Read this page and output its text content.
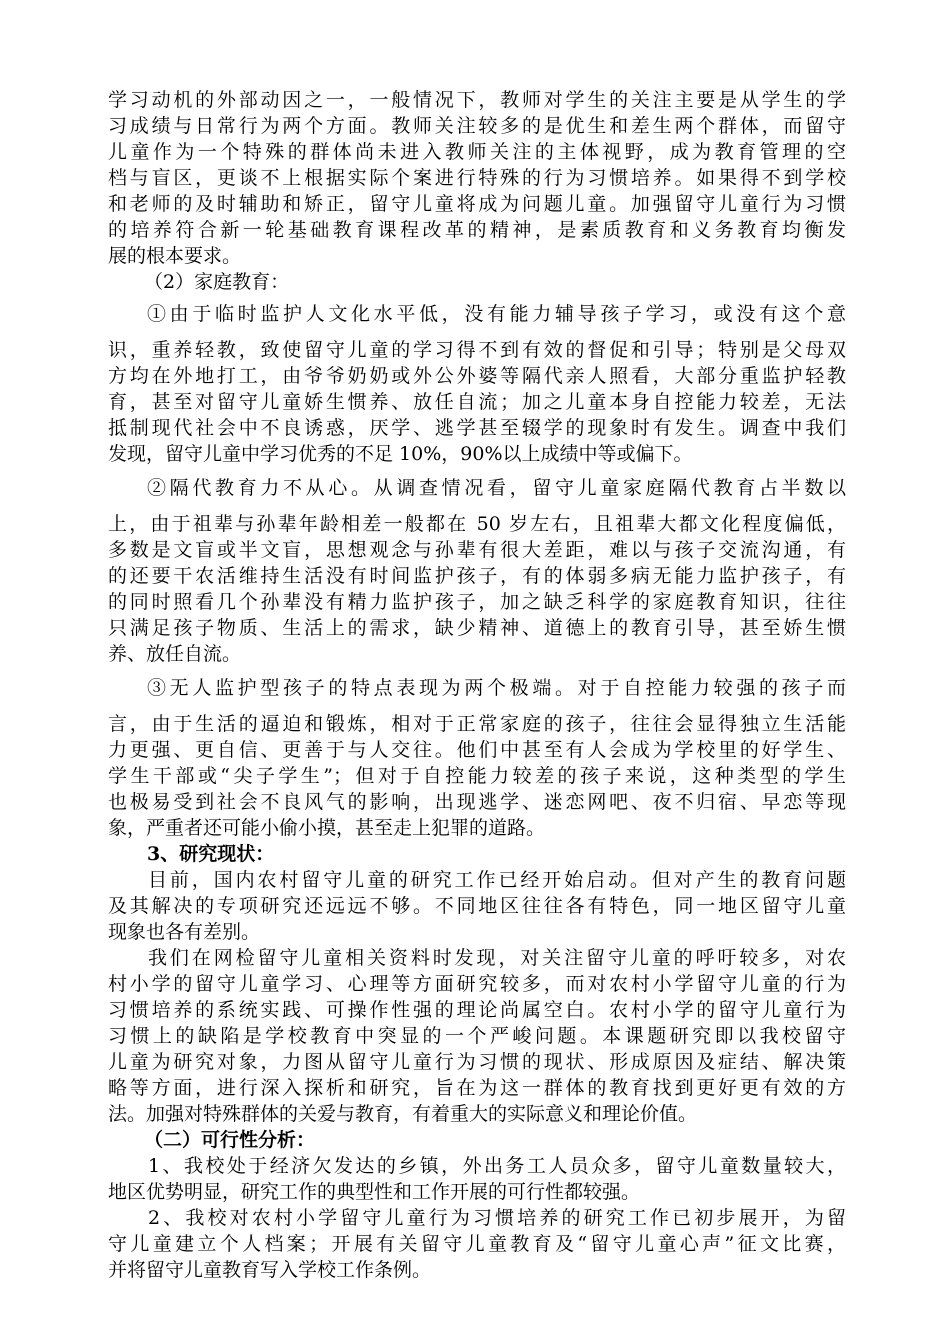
学习动机的外部动因之一，一般情况下，教师对学生的关注主要是从学生的学
习成绩与日常行为两个方面。教师关注较多的是优生和差生两个群体，而留守
儿童作为一个特殊的群体尚未进入教师关注的主体视野，成为教育管理的空
档与盲区，更谈不上根据实际个案进行特殊的行为习惯培养。如果得不到学校
和老师的及时辅助和矫正，留守儿童将成为问题儿童。加强留守儿童行为习惯
的培养符合新一轮基础教育课程改革的精神，是素质教育和义务教育均衡发
展的根本要求。
（2）家庭教育：
①由于临时监护人文化水平低，没有能力辅导孩子学习，或没有这个意
识，重养轻教，致使留守儿童的学习得不到有效的督促和引导；特别是父母双
方均在外地打工，由爷爷奶奶或外公外婆等隔代亲人照看，大部分重监护轻教
育，甚至对留守儿童娇生惯养、放任自流；加之儿童本身自控能力较差，无法
抵制现代社会中不良诱惑，厌学、逃学甚至辍学的现象时有发生。调查中我们
发现，留守儿童中学习优秀的不足 10%，90%以上成绩中等或偏下。
②隔代教育力不从心。从调查情况看，留守儿童家庭隔代教育占半数以
上，由于祖辈与孙辈年龄相差一般都在 50 岁左右，且祖辈大都文化程度偏低，
多数是文盲或半文盲，思想观念与孙辈有很大差距，难以与孩子交流沟通，有
的还要干农活维持生活没有时间监护孩子，有的体弱多病无能力监护孩子，有
的同时照看几个孙辈没有精力监护孩子，加之缺乏科学的家庭教育知识，往往
只满足孩子物质、生活上的需求，缺少精神、道德上的教育引导，甚至娇生惯
养、放任自流。
③无人监护型孩子的特点表现为两个极端。对于自控能力较强的孩子而
言，由于生活的逼迫和锻炼，相对于正常家庭的孩子，往往会显得独立生活能
力更强、更自信、更善于与人交往。他们中甚至有人会成为学校里的好学生、
学生干部或“尖子学生”；但对于自控能力较差的孩子来说，这种类型的学生
也极易受到社会不良风气的影响，出现逃学、迷恋网吧、夜不归宿、早恋等现
象，严重者还可能小偷小摸，甚至走上犯罪的道路。
3、研究现状：
目前，国内农村留守儿童的研究工作已经开始启动。但对产生的教育问题
及其解决的专项研究还远远不够。不同地区往往各有特色，同一地区留守儿童
现象也各有差别。
我们在网检留守儿童相关资料时发现，对关注留守儿童的呼吁较多，对农
村小学的留守儿童学习、心理等方面研究较多，而对农村小学留守儿童的行为
习惯培养的系统实践、可操作性强的理论尚属空白。农村小学的留守儿童行为
习惯上的缺陷是学校教育中突显的一个严峻问题。本课题研究即以我校留守
儿童为研究对象，力图从留守儿童行为习惯的现状、形成原因及症结、解决策
略等方面，进行深入探析和研究，旨在为这一群体的教育找到更好更有效的方
法。加强对特殊群体的关爱与教育，有着重大的实际意义和理论价值。
（二）可行性分析：
1、我校处于经济欠发达的乡镇，外出务工人员众多，留守儿童数量较大，
地区优势明显，研究工作的典型性和工作开展的可行性都较强。
2、我校对农村小学留守儿童行为习惯培养的研究工作已初步展开，为留
守儿童建立个人档案；开展有关留守儿童教育及“留守儿童心声”征文比赛，
并将留守儿童教育写入学校工作条例。
